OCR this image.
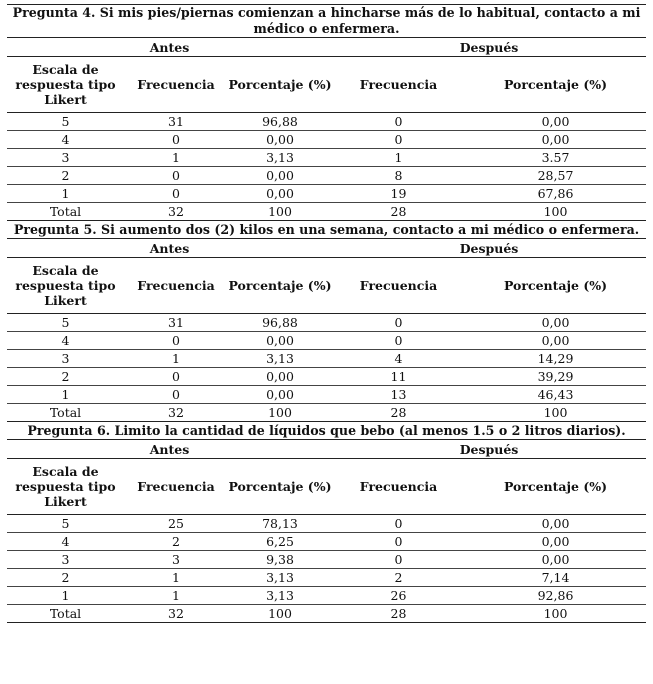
Pregunta 4. Si mis pies/piernas comienzan a hincharse más de lo habitual, contacto a mi médico o enfermera.				
Antes			Después	
Escala de respuesta tipo Likert	Frecuencia	Porcentaje (%)	Frecuencia	Porcentaje (%)
5	31	96,88	0	0,00
4	0	0,00	0	0,00
3	1	3,13	1	3.57
2	0	0,00	8	28,57
1	0	0,00	19	67,86
Total	32	100	28	100
Pregunta 5. Si aumento dos (2) kilos en una semana, contacto a mi médico o enfermera.				
Antes			Después	
Escala de respuesta tipo Likert	Frecuencia	Porcentaje (%)	Frecuencia	Porcentaje (%)
5	31	96,88	0	0,00
4	0	0,00	0	0,00
3	1	3,13	4	14,29
2	0	0,00	11	39,29
1	0	0,00	13	46,43
Total	32	100	28	100
Pregunta 6. Limito la cantidad de líquidos que bebo (al menos 1.5 o 2 litros diarios).				
Antes			Después	
Escala de respuesta tipo Likert	Frecuencia	Porcentaje (%)	Frecuencia	Porcentaje (%)
5	25	78,13	0	0,00
4	2	6,25	0	0,00
3	3	9,38	0	0,00
2	1	3,13	2	7,14
1	1	3,13	26	92,86
Total	32	100	28	100
